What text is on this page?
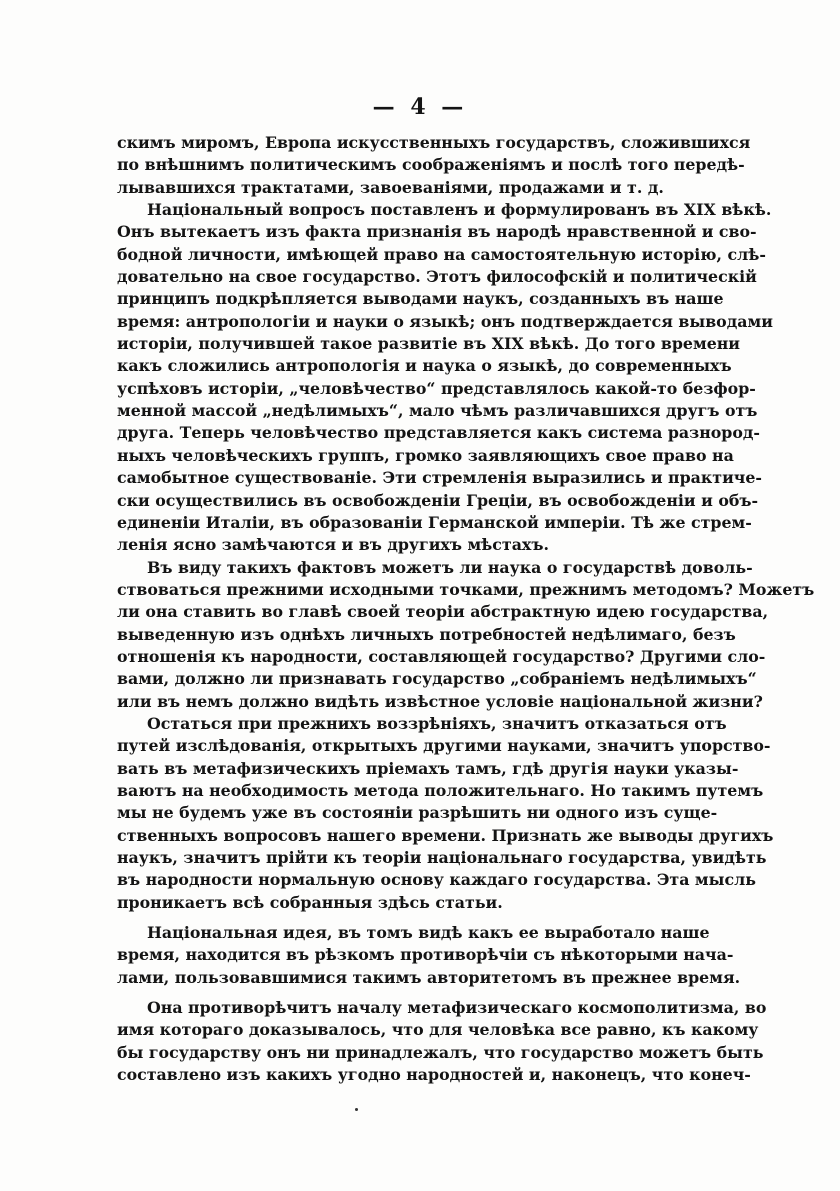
— 4 —
скимъ миромъ, Европа искусственныхъ государствъ, сложившихся
по внѣшнимъ политическимъ соображеніямъ и послѣ того передѣ-
лывавшихся трактатами, завоеваніями, продажами и т. д.
Національный вопросъ поставленъ и формулированъ въ XIX вѣкѣ.
Онъ вытекаетъ изъ факта признанія въ народѣ нравственной и сво-
бодной личности, имѣющей право на самостоятельную исторію, слѣ-
довательно на свое государство. Этотъ философскій и политическій
принципъ подкрѣпляется выводами наукъ, созданныхъ въ наше
время: антропологіи и науки о языкѣ; онъ подтверждается выводами
исторіи, получившей такое развитіе въ XIX вѣкѣ. До того времени
какъ сложились антропологія и наука о языкѣ, до современныхъ
успѣховъ исторіи, „человѣчество“ представлялось какой-то безфор-
менной массой „недѣлимыхъ“, мало чѣмъ различавшихся другъ отъ
друга. Теперь человѣчество представляется какъ система разнород-
ныхъ человѣческихъ группъ, громко заявляющихъ свое право на
самобытное существованіе. Эти стремленія выразились и практиче-
ски осуществились въ освобожденіи Греціи, въ освобожденіи и объ-
единеніи Италіи, въ образованіи Германской имперіи. Тѣ же стрем-
ленія ясно замѣчаются и въ другихъ мѣстахъ.
Въ виду такихъ фактовъ можетъ ли наука о государствѣ доволь-
ствоваться прежними исходными точками, прежнимъ методомъ? Можетъ
ли она ставить во главѣ своей теоріи абстрактную идею государства,
выведенную изъ однѣхъ личныхъ потребностей недѣлимаго, безъ
отношенія къ народности, составляющей государство? Другими сло-
вами, должно ли признавать государство „собраніемъ недѣлимыхъ“
или въ немъ должно видѣть извѣстное условіе національной жизни?
Остаться при прежнихъ воззрѣніяхъ, значитъ отказаться отъ
путей изслѣдованія, открытыхъ другими науками, значитъ упорство-
вать въ метафизическихъ пріемахъ тамъ, гдѣ другія науки указы-
ваютъ на необходимость метода положительнаго. Но такимъ путемъ
мы не будемъ уже въ состояніи разрѣшить ни одного изъ суще-
ственныхъ вопросовъ нашего времени. Признать же выводы другихъ
наукъ, значитъ прійти къ теоріи національнаго государства, увидѣть
въ народности нормальную основу каждаго государства. Эта мысль
проникаетъ всѣ собранныя здѣсь статьи.
Національная идея, въ томъ видѣ какъ ее выработало наше
время, находится въ рѣзкомъ противорѣчіи съ нѣкоторыми нача-
лами, пользовавшимися такимъ авторитетомъ въ прежнее время.
Она противорѣчитъ началу метафизическаго космополитизма, во
имя котораго доказывалось, что для человѣка все равно, къ какому
бы государству онъ ни принадлежалъ, что государство можетъ быть
составлено изъ какихъ угодно народностей и, наконецъ, что конеч-
